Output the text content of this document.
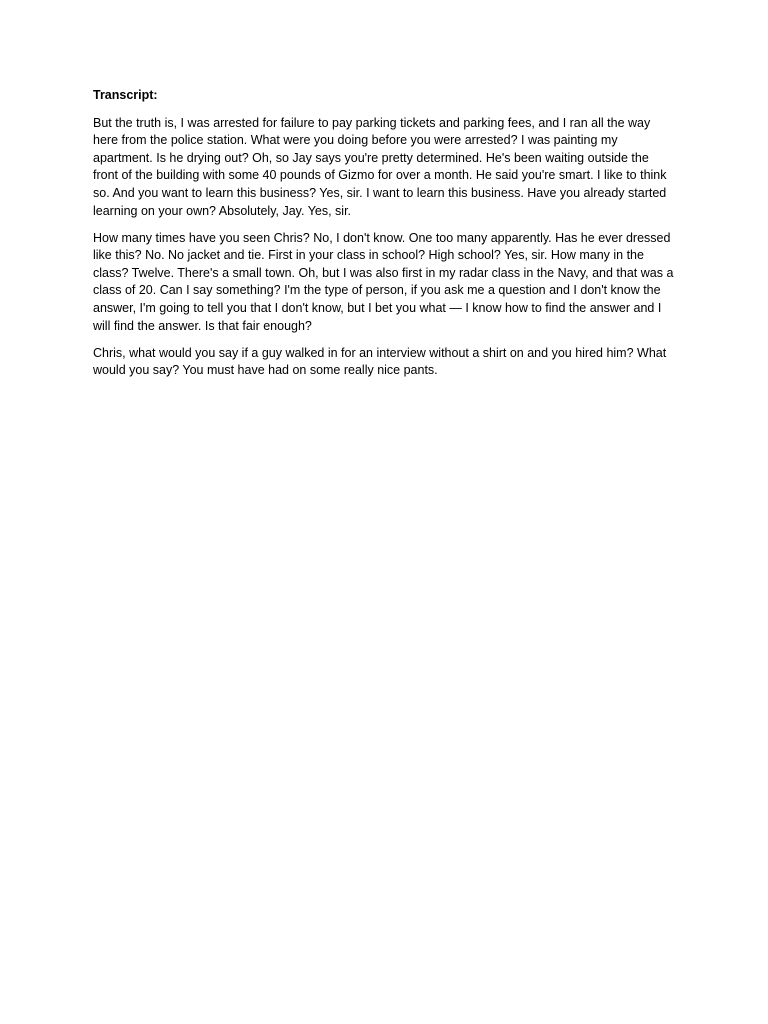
Transcript:

But the truth is, I was arrested for failure to pay parking tickets and parking fees, and I ran all the way here from the police station. What were you doing before you were arrested? I was painting my apartment. Is he drying out? Oh, so Jay says you're pretty determined. He's been waiting outside the front of the building with some 40 pounds of Gizmo for over a month. He said you're smart. I like to think so. And you want to learn this business? Yes, sir. I want to learn this business. Have you already started learning on your own? Absolutely, Jay. Yes, sir.

How many times have you seen Chris? No, I don't know. One too many apparently. Has he ever dressed like this? No. No jacket and tie. First in your class in school? High school? Yes, sir. How many in the class? Twelve. There's a small town. Oh, but I was also first in my radar class in the Navy, and that was a class of 20. Can I say something? I'm the type of person, if you ask me a question and I don't know the answer, I'm going to tell you that I don't know, but I bet you what — I know how to find the answer and I will find the answer. Is that fair enough?

Chris, what would you say if a guy walked in for an interview without a shirt on and you hired him? What would you say? You must have had on some really nice pants.
